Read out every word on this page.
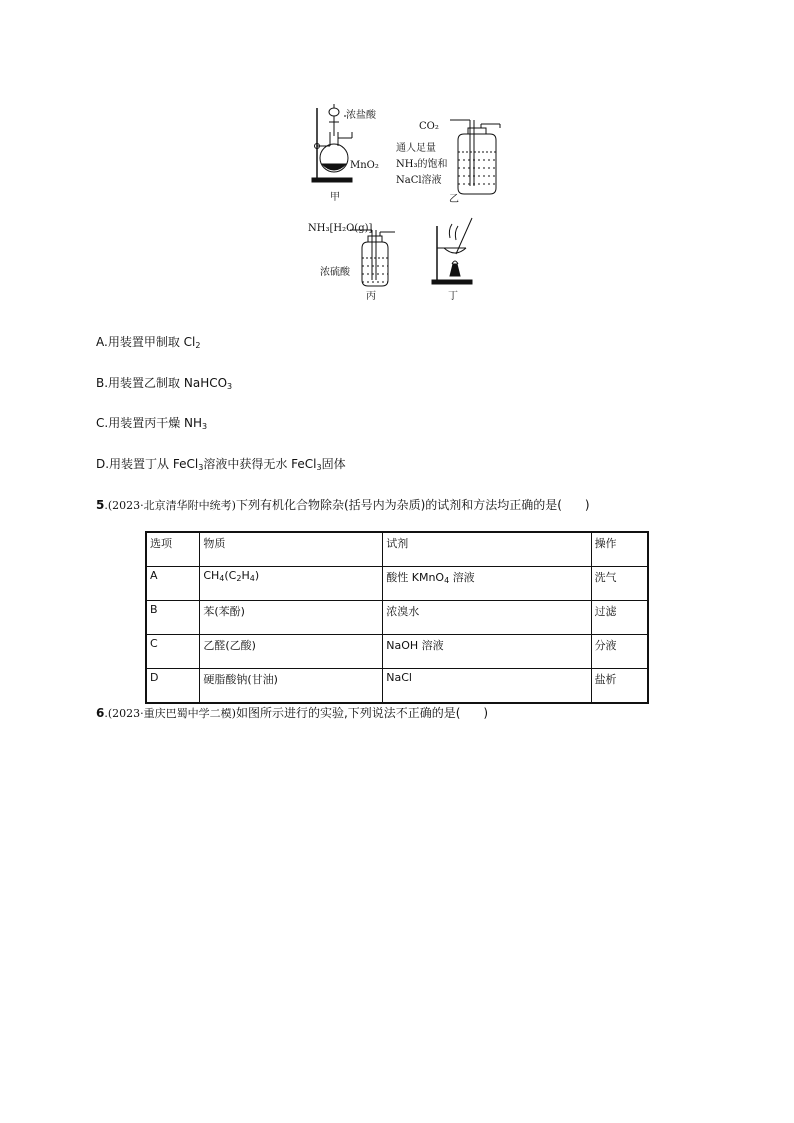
浓盐酸
MnO₂
甲
CO₂
通人足量
NH₃的饱和
NaCl溶液
乙
NH₃[H₂O(g)]
浓硫酸
丙	丁
A.用装置甲制取 $Cl_2$
B.用装置乙制取 NaHCO$_3$
C.用装置丙干燥 $NH_3$
D.用装置丁从 FeCl$_3$溶液中获得无水 FeCl$_3$固体
5.(2023·北京清华附中统考)下列有机化合物除杂(括号内为杂质)的试剂和方法均正确的是( )
选项	物质	试剂	操作
A	$CH_4(C_2H_4)$	酸性 KMnO$_4$ 溶液	洗气
B	苯(苯酚)	浓溴水	过滤
C	乙醛(乙酸)	NaOH 溶液	分液
D	硬脂酸钠(甘油)	NaCl	盐析
6.(2023·重庆巴蜀中学二模)如图所示进行的实验,下列说法不正确的是( )
